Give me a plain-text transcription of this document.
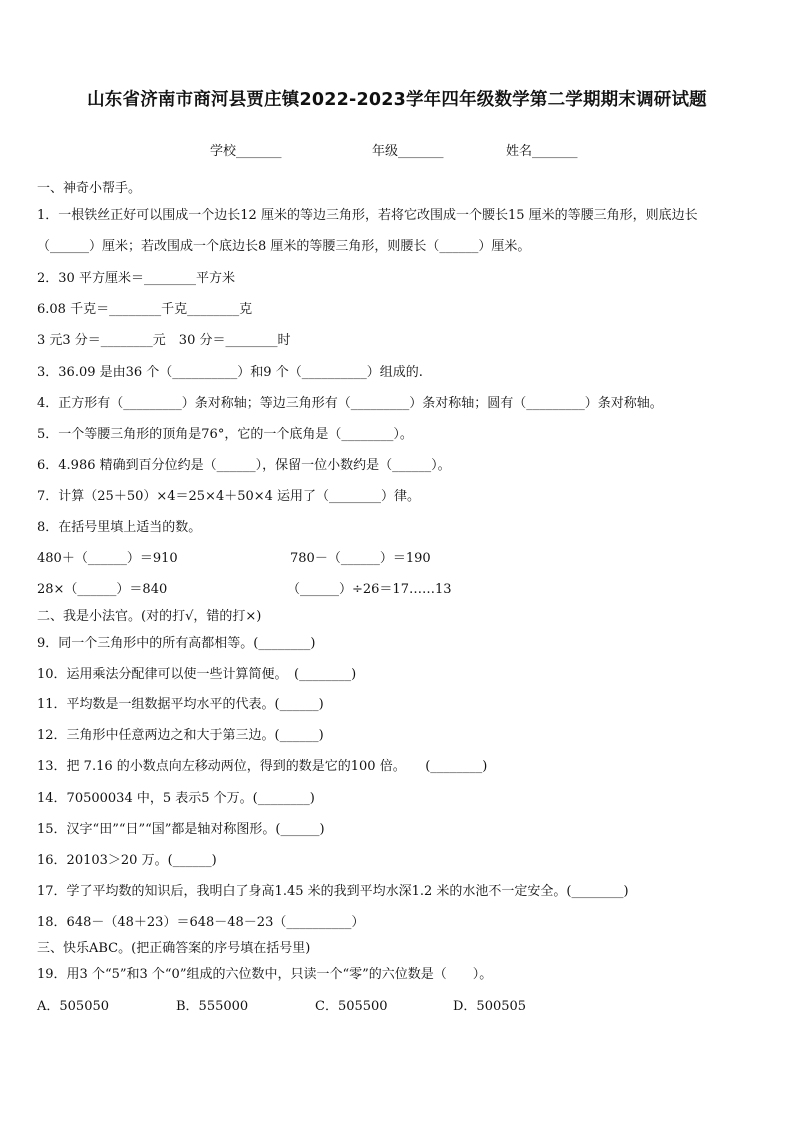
山东省济南市商河县贾庄镇2022-2023学年四年级数学第二学期期末调研试题
学校_______	年级_______	姓名_______
一、神奇小帮手。
1．一根铁丝正好可以围成一个边长12 厘米的等边三角形，若将它改围成一个腰长15 厘米的等腰三角形，则底边长
（______）厘米；若改围成一个底边长8 厘米的等腰三角形，则腰长（______）厘米。
2．30 平方厘米＝________平方米
6.08 千克＝________千克________克
3 元3 分＝________元　30 分＝________时
3．36.09 是由36 个（__________）和9 个（__________）组成的.
4．正方形有（_________）条对称轴；等边三角形有（_________）条对称轴；圆有（_________）条对称轴。
5．一个等腰三角形的顶角是76°，它的一个底角是（________）。
6．4.986 精确到百分位约是（______），保留一位小数约是（______）。
7．计算（25＋50）×4＝25×4＋50×4 运用了（________）律。
8．在括号里填上适当的数。
480＋（______）＝910	780－（______）＝190
28×（______）＝840	（______）÷26＝17……13
二、我是小法官。(对的打√，错的打×)
9．同一个三角形中的所有高都相等。(________)
10．运用乘法分配律可以使一些计算简便。　(________)
11．平均数是一组数据平均水平的代表。(______)
12．三角形中任意两边之和大于第三边。(______)
13．把 7.16 的小数点向左移动两位，得到的数是它的100 倍。　　(________)
14．70500034 中，5 表示5 个万。(________)
15．汉字“田”“日”“国”都是轴对称图形。(______)
16．20103＞20 万。(______)
17．学了平均数的知识后，我明白了身高1.45 米的我到平均水深1.2 米的水池不一定安全。(________)
18．648－（48＋23）＝648－48－23（__________）
三、快乐ABC。(把正确答案的序号填在括号里)
19．用3 个“5”和3 个“0”组成的六位数中，只读一个“零”的六位数是（　　）。
A．505050	B．555000	C．505500	D．500505
